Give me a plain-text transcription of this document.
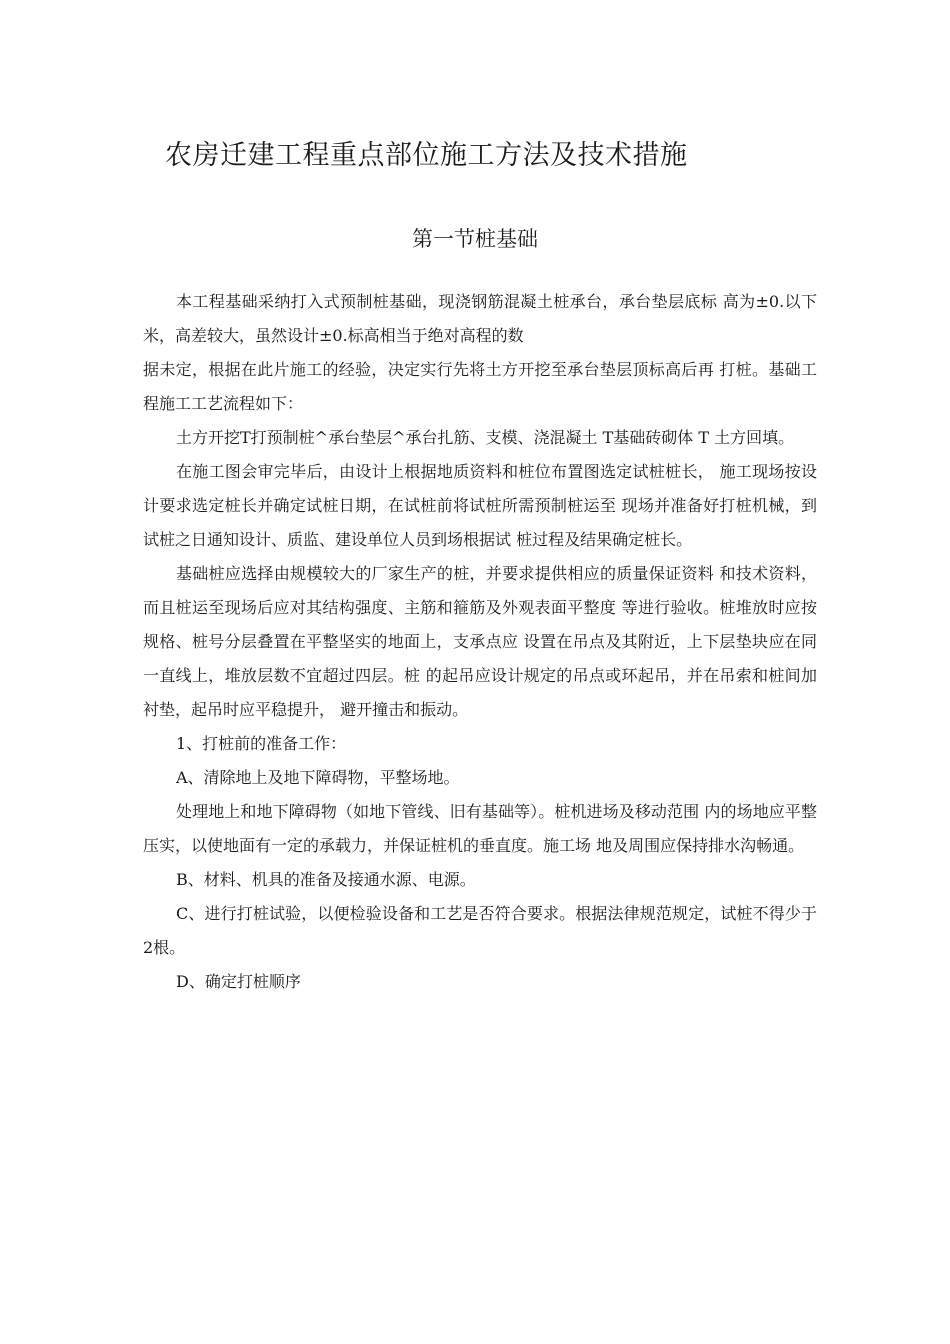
农房迁建工程重点部位施工方法及技术措施
第一节桩基础

本工程基础采纳打入式预制桩基础，现浇钢筋混凝土桩承台，承台垫层底标 高为±0.以下米，高差较大，虽然设计±0.标高相当于绝对高程的数

据未定，根据在此片施工的经验，决定实行先将土方开挖至承台垫层顶标高后再 打桩。基础工程施工工艺流程如下：

土方开挖T打预制桩^承台垫层^承台扎筋、支模、浇混凝土 T基础砖砌体 T 土方回填。

在施工图会审完毕后，由设计上根据地质资料和桩位布置图选定试桩桩长， 施工现场按设计要求选定桩长并确定试桩日期，在试桩前将试桩所需预制桩运至 现场并准备好打桩机械，到试桩之日通知设计、质监、建设单位人员到场根据试 桩过程及结果确定桩长。

基础桩应选择由规模较大的厂家生产的桩，并要求提供相应的质量保证资料 和技术资料，而且桩运至现场后应对其结构强度、主筋和箍筋及外观表面平整度 等进行验收。桩堆放时应按规格、桩号分层叠置在平整坚实的地面上，支承点应 设置在吊点及其附近，上下层垫块应在同一直线上，堆放层数不宜超过四层。桩 的起吊应设计规定的吊点或环起吊，并在吊索和桩间加衬垫，起吊时应平稳提升， 避开撞击和振动。

1、打桩前的准备工作：

A、清除地上及地下障碍物，平整场地。

处理地上和地下障碍物（如地下管线、旧有基础等）。桩机进场及移动范围 内的场地应平整压实，以使地面有一定的承载力，并保证桩机的垂直度。施工场 地及周围应保持排水沟畅通。

B、材料、机具的准备及接通水源、电源。

C、进行打桩试验，以便检验设备和工艺是否符合要求。根据法律规范规定，试桩不得少于2根。

D、确定打桩顺序
